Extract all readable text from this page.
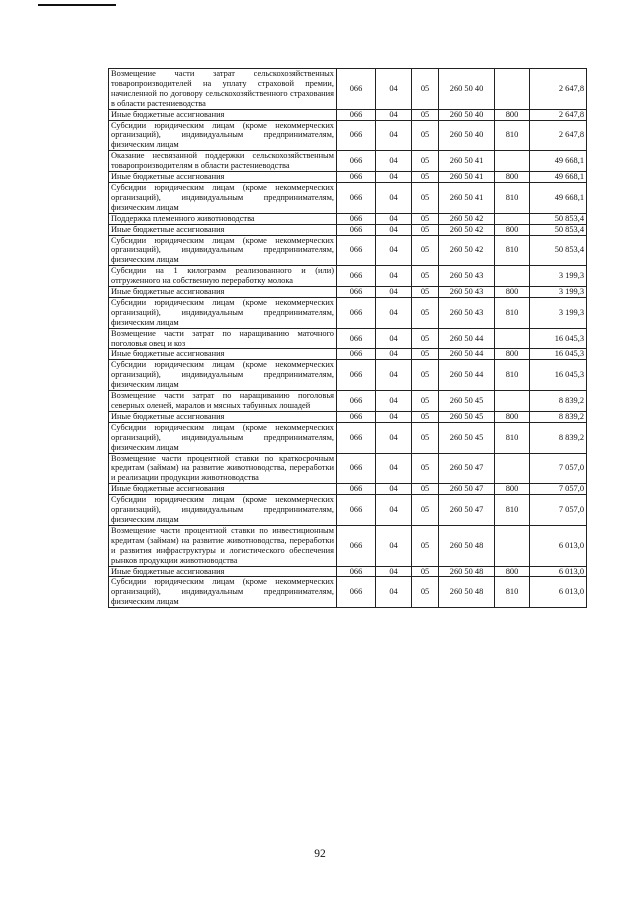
Возмещение части затрат сельскохозяйственных товаропроизводителей на уплату страховой премии, начисленной по договору сельскохозяйственного страхования в области растениеводства	066	04	05	260 50 40		2 647,8
Иные бюджетные ассигнования	066	04	05	260 50 40	800	2 647,8
Субсидии юридическим лицам (кроме некоммерческих организаций), индивидуальным предпринимателям, физическим лицам	066	04	05	260 50 40	810	2 647,8
Оказание несвязанной поддержки сельскохозяйственным товаропроизводителям в области растениеводства	066	04	05	260 50 41		49 668,1
Иные бюджетные ассигнования	066	04	05	260 50 41	800	49 668,1
Субсидии юридическим лицам (кроме некоммерческих организаций), индивидуальным предпринимателям, физическим лицам	066	04	05	260 50 41	810	49 668,1
Поддержка племенного животноводства	066	04	05	260 50 42		50 853,4
Иные бюджетные ассигнования	066	04	05	260 50 42	800	50 853,4
Субсидии юридическим лицам (кроме некоммерческих организаций), индивидуальным предпринимателям, физическим лицам	066	04	05	260 50 42	810	50 853,4
Субсидии на 1 килограмм реализованного и (или) отгруженного на собственную переработку молока	066	04	05	260 50 43		3 199,3
Иные бюджетные ассигнования	066	04	05	260 50 43	800	3 199,3
Субсидии юридическим лицам (кроме некоммерческих организаций), индивидуальным предпринимателям, физическим лицам	066	04	05	260 50 43	810	3 199,3
Возмещение части затрат по наращиванию маточного поголовья овец и коз	066	04	05	260 50 44		16 045,3
Иные бюджетные ассигнования	066	04	05	260 50 44	800	16 045,3
Субсидии юридическим лицам (кроме некоммерческих организаций), индивидуальным предпринимателям, физическим лицам	066	04	05	260 50 44	810	16 045,3
Возмещение части затрат по наращиванию поголовья северных оленей, маралов и мясных табунных лошадей	066	04	05	260 50 45		8 839,2
Иные бюджетные ассигнования	066	04	05	260 50 45	800	8 839,2
Субсидии юридическим лицам (кроме некоммерческих организаций), индивидуальным предпринимателям, физическим лицам	066	04	05	260 50 45	810	8 839,2
Возмещение части процентной ставки по краткосрочным кредитам (займам) на развитие животноводства, переработки и реализации продукции животноводства	066	04	05	260 50 47		7 057,0
Иные бюджетные ассигнования	066	04	05	260 50 47	800	7 057,0
Субсидии юридическим лицам (кроме некоммерческих организаций), индивидуальным предпринимателям, физическим лицам	066	04	05	260 50 47	810	7 057,0
Возмещение части процентной ставки по инвестиционным кредитам (займам) на развитие животноводства, переработки и развития инфраструктуры и логистического обеспечения рынков продукции животноводства	066	04	05	260 50 48		6 013,0
Иные бюджетные ассигнования	066	04	05	260 50 48	800	6 013,0
Субсидии юридическим лицам (кроме некоммерческих организаций), индивидуальным предпринимателям, физическим лицам	066	04	05	260 50 48	810	6 013,0
92
